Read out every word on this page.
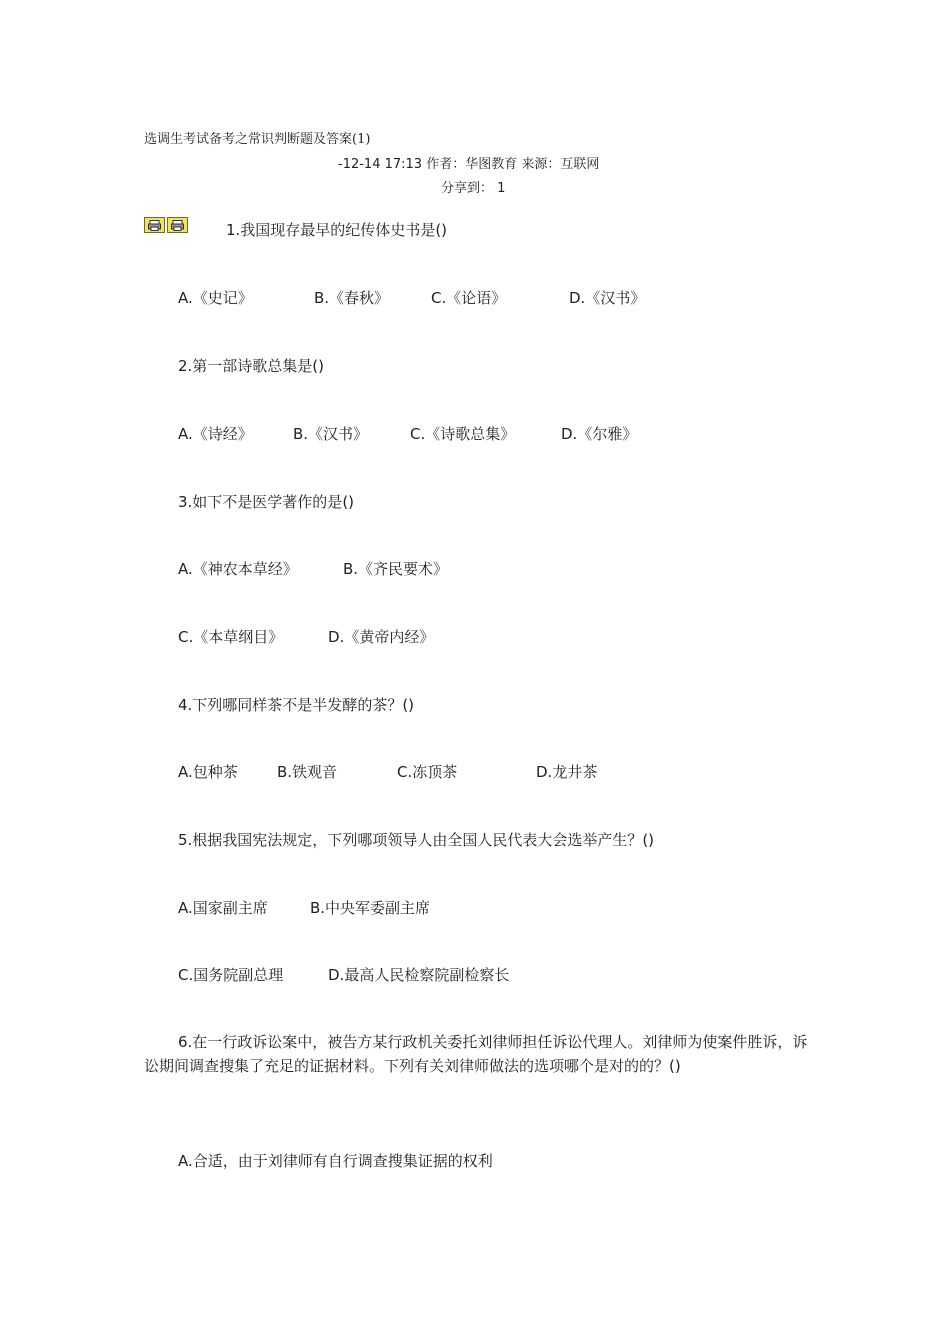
选调生考试备考之常识判断题及答案(1)
-12-14 17:13 作者：华图教育 来源：互联网
分享到： 1
1.我国现存最早的纪传体史书是()
A.《史记》	B.《春秋》	C.《论语》	D.《汉书》
2.第一部诗歌总集是()
A.《诗经》	B.《汉书》	C.《诗歌总集》	D.《尔雅》
3.如下不是医学著作的是()
A.《神农本草经》	B.《齐民要术》
C.《本草纲目》	D.《黄帝内经》
4.下列哪同样茶不是半发酵的茶？()
A.包种茶	B.铁观音	C.冻顶茶	D.龙井茶
5.根据我国宪法规定，下列哪项领导人由全国人民代表大会选举产生？()
A.国家副主席	B.中央军委副主席
C.国务院副总理	D.最高人民检察院副检察长
6.在一行政诉讼案中，被告方某行政机关委托刘律师担任诉讼代理人。刘律师为使案件胜诉，诉讼期间调查搜集了充足的证据材料。下列有关刘律师做法的选项哪个是对的的？()
A.合适，由于刘律师有自行调查搜集证据的权利
